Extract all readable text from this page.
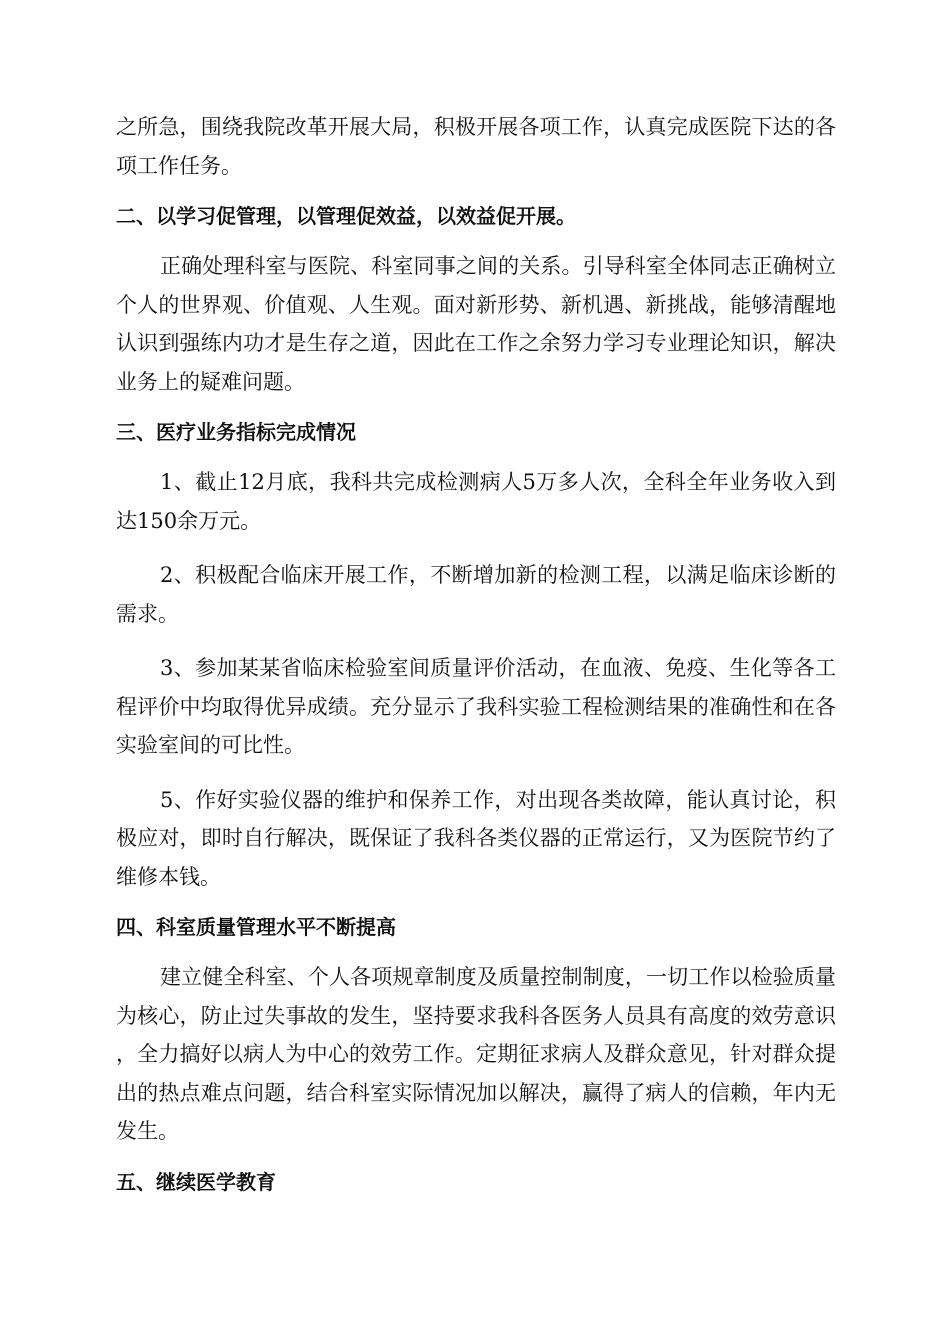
之所急，围绕我院改革开展大局，积极开展各项工作，认真完成医院下达的各项工作任务。

二、以学习促管理，以管理促效益，以效益促开展。

正确处理科室与医院、科室同事之间的关系。引导科室全体同志正确树立个人的世界观、价值观、人生观。面对新形势、新机遇、新挑战，能够清醒地认识到强练内功才是生存之道，因此在工作之余努力学习专业理论知识，解决业务上的疑难问题。

三、医疗业务指标完成情况

1、截止12月底，我科共完成检测病人5万多人次，全科全年业务收入到达150余万元。

2、积极配合临床开展工作，不断增加新的检测工程，以满足临床诊断的需求。

3、参加某某省临床检验室间质量评价活动，在血液、免疫、生化等各工程评价中均取得优异成绩。充分显示了我科实验工程检测结果的准确性和在各实验室间的可比性。

5、作好实验仪器的维护和保养工作，对出现各类故障，能认真讨论，积极应对，即时自行解决，既保证了我科各类仪器的正常运行，又为医院节约了维修本钱。

四、科室质量管理水平不断提高

建立健全科室、个人各项规章制度及质量控制制度，一切工作以检验质量为核心，防止过失事故的发生，坚持要求我科各医务人员具有高度的效劳意识，全力搞好以病人为中心的效劳工作。定期征求病人及群众意见，针对群众提出的热点难点问题，结合科室实际情况加以解决，赢得了病人的信赖，年内无发生。

五、继续医学教育
